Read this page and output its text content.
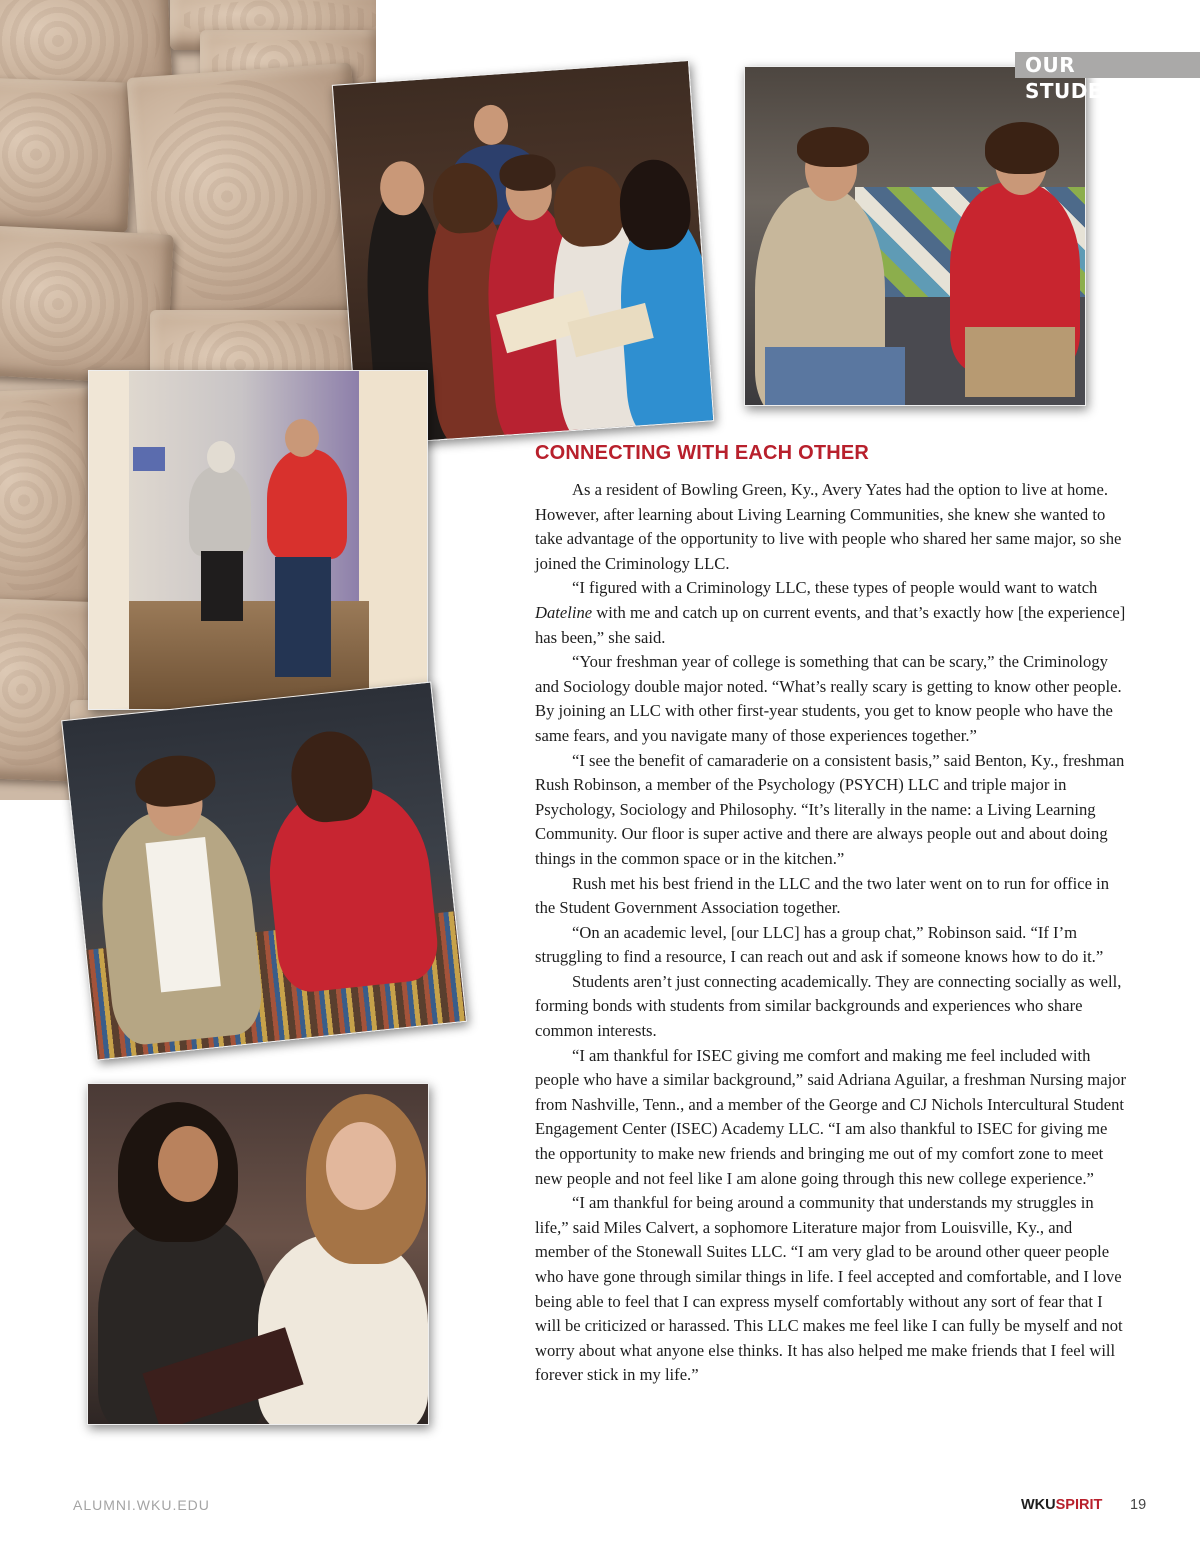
OUR STUDENTS
CONNECTING WITH EACH OTHER

As a resident of Bowling Green, Ky., Avery Yates had the option to live at home. However, after learning about Living Learning Communities, she knew she wanted to take advantage of the opportunity to live with people who shared her same major, so she joined the Criminology LLC.

“I figured with a Criminology LLC, these types of people would want to watch Dateline with me and catch up on current events, and that’s exactly how [the experience] has been,” she said.

“Your freshman year of college is something that can be scary,” the Criminology and Sociology double major noted. “What’s really scary is getting to know other people. By joining an LLC with other first-year students, you get to know people who have the same fears, and you navigate many of those experiences together.”

“I see the benefit of camaraderie on a consistent basis,” said Benton, Ky., freshman Rush Robinson, a member of the Psychology (PSYCH) LLC and triple major in Psychology, Sociology and Philosophy. “It’s literally in the name: a Living Learning Community. Our floor is super active and there are always people out and about doing things in the common space or in the kitchen.”

Rush met his best friend in the LLC and the two later went on to run for office in the Student Government Association together.

“On an academic level, [our LLC] has a group chat,” Robinson said. “If I’m struggling to find a resource, I can reach out and ask if someone knows how to do it.”

Students aren’t just connecting academically. They are connecting socially as well, forming bonds with students from similar backgrounds and experiences who share common interests.

“I am thankful for ISEC giving me comfort and making me feel included with people who have a similar background,” said Adriana Aguilar, a freshman Nursing major from Nashville, Tenn., and a member of the George and CJ Nichols Intercultural Student Engagement Center (ISEC) Academy LLC. “I am also thankful to ISEC for giving me the opportunity to make new friends and bringing me out of my comfort zone to meet new people and not feel like I am alone going through this new college experience.”

“I am thankful for being around a community that understands my struggles in life,” said Miles Calvert, a sophomore Literature major from Louisville, Ky., and member of the Stonewall Suites LLC. “I am very glad to be around other queer people who have gone through similar things in life. I feel accepted and comfortable, and I love being able to feel that I can express myself comfortably without any sort of fear that I will be criticized or harassed. This LLC makes me feel like I can fully be myself and not worry about what anyone else thinks. It has also helped me make friends that I feel will forever stick in my life.”

ALUMNI.WKU.EDU	WKUSPIRIT 19
